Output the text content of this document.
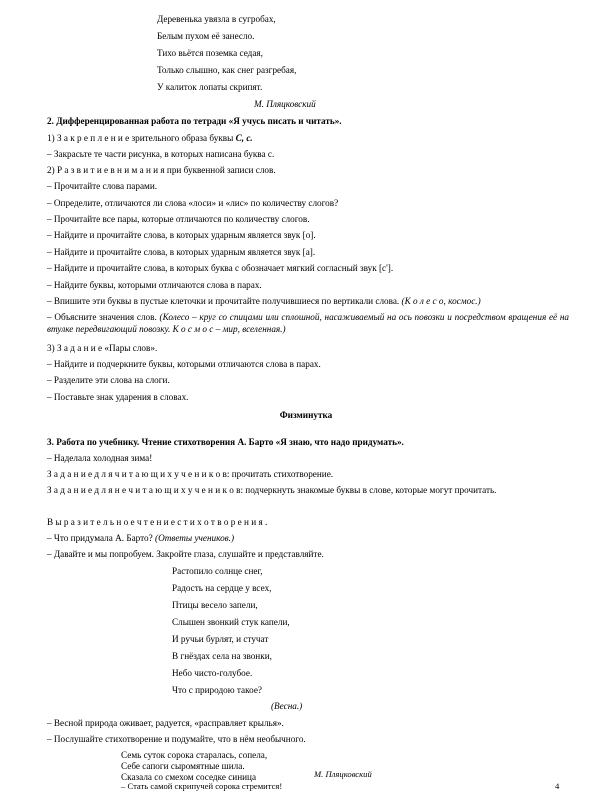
Деревенька увязла в сугробах,
Белым пухом её занесло.
Тихо вьётся поземка седая,
Только слышно, как снег разгребая,
У калиток лопаты скрипят.
М. Пляцковский
2. Дифференцированная работа по тетради «Я учусь писать и читать».
1) З а к р е п л е н и е зрительного образа буквы С, с.
– Закрасьте те части рисунка, в которых написана буква с.
2) Р а з в и т и е в н и м а н и я при буквенной записи слов.
– Прочитайте слова парами.
– Определите, отличаются ли слова «лоси» и «лис» по количеству слогов?
– Прочитайте все пары, которые отличаются по количеству слогов.
– Найдите и прочитайте слова, в которых ударным является звук [о].
– Найдите и прочитайте слова, в которых ударным является звук [а].
– Найдите и прочитайте слова, в которых буква с обозначает мягкий согласный звук [с'].
– Найдите буквы, которыми отличаются слова в парах.
– Впишите эти буквы в пустые клеточки и прочитайте получившиеся по вертикали слова. (К о л е с о, космос.)
– Объясните значения слов. (Колесо – круг со спицами или сплошной, насаживаемый на ось повозки и посредством вращения её на втулке передвигающий повозку. К о с м о с – мир, вселенная.)
3) З а д а н и е «Пары слов».
– Найдите и подчеркните буквы, которыми отличаются слова в парах.
– Разделите эти слова на слоги.
– Поставьте знак ударения в словах.
Физминутка
3. Работа по учебнику. Чтение стихотворения А. Барто «Я знаю, что надо придумать».
– Наделала холодная зима!
З а д а н и е д л я ч и т а ю щ и х у ч е н и к о в: прочитать стихотворение.
З а д а н и е д л я н е ч и т а ю щ и х у ч е н и к о в: подчеркнуть знакомые буквы в слове, которые могут прочитать.
В ы р а з и т е л ь н о е ч т е н и е с т и х о т в о р е н и я .
– Что придумала А. Барто? (Ответы учеников.)
– Давайте и мы попробуем. Закройте глаза, слушайте и представляйте.
Растопило солнце снег,
Радость на сердце у всех,
Птицы весело запели,
Слышен звонкий стук капели,
И ручьи бурлят, и стучат
В гнёздах села на звонки,
Небо чисто-голубое.
Что с природою такое?
(Весна.)
– Весной природа оживает, радуется, «расправляет крылья».
– Послушайте стихотворение и подумайте, что в нём необычного.
Семь суток сорока старалась, сопела,
Себе сапоги сыромятные шила.
Сказала со смехом соседке синица
– Стать самой скрипучей сорока стремится!
М. Пляцковский
4
